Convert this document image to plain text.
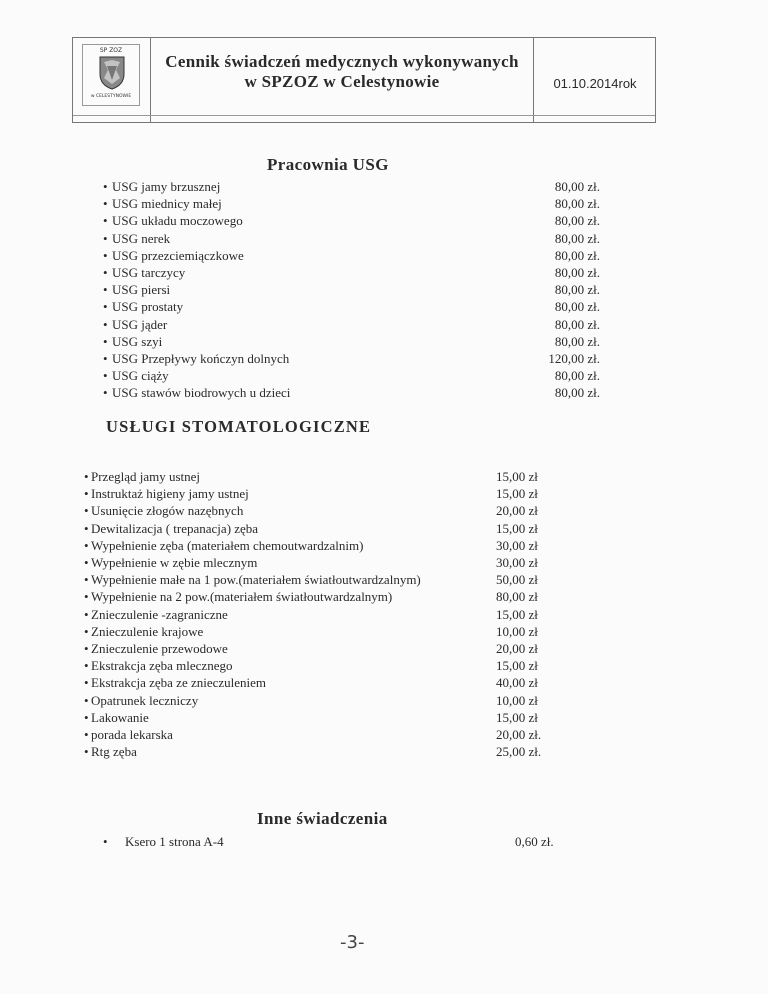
SP ZOZ
w CELESTYNOWIE
Cennik świadczeń medycznych wykonywanych
w SPZOZ w Celestynowie	01.10.2014rok
Pracownia USG
• USG jamy brzusznej
• USG miednicy małej
• USG układu moczowego
• USG nerek
• USG przezciemiączkowe
• USG tarczycy
• USG piersi
• USG prostaty
• USG jąder
• USG szyi
• USG Przepływy kończyn dolnych
• USG ciąży
• USG stawów biodrowych u dzieci
80,00 zł.
80,00 zł.
80,00 zł.
80,00 zł.
80,00 zł.
80,00 zł.
80,00 zł.
80,00 zł.
80,00 zł.
80,00 zł.
120,00 zł.
80,00 zł.
80,00 zł.
USŁUGI STOMATOLOGICZNE
• Przegląd jamy ustnej
• Instruktaż higieny jamy ustnej
• Usunięcie złogów nazębnych
• Dewitalizacja ( trepanacja) zęba
• Wypełnienie zęba (materiałem chemoutwardzalnim)
• Wypełnienie w zębie mlecznym
• Wypełnienie małe na 1 pow.(materiałem światłoutwardzalnym)
• Wypełnienie na 2 pow.(materiałem światłoutwardzalnym)
• Znieczulenie -zagraniczne
• Znieczulenie krajowe
• Znieczulenie przewodowe
• Ekstrakcja zęba mlecznego
• Ekstrakcja zęba ze znieczuleniem
• Opatrunek leczniczy
• Lakowanie
• porada lekarska
• Rtg zęba
15,00 zł
15,00 zł
20,00 zł
15,00 zł
30,00 zł
30,00 zł
50,00 zł
80,00 zł
15,00 zł
10,00 zł
20,00 zł
15,00 zł
40,00 zł
10,00 zł
15,00 zł
20,00 zł.
25,00 zł.
Inne świadczenia
• Ksero 1 strona A-4	0,60 zł.
-3-
